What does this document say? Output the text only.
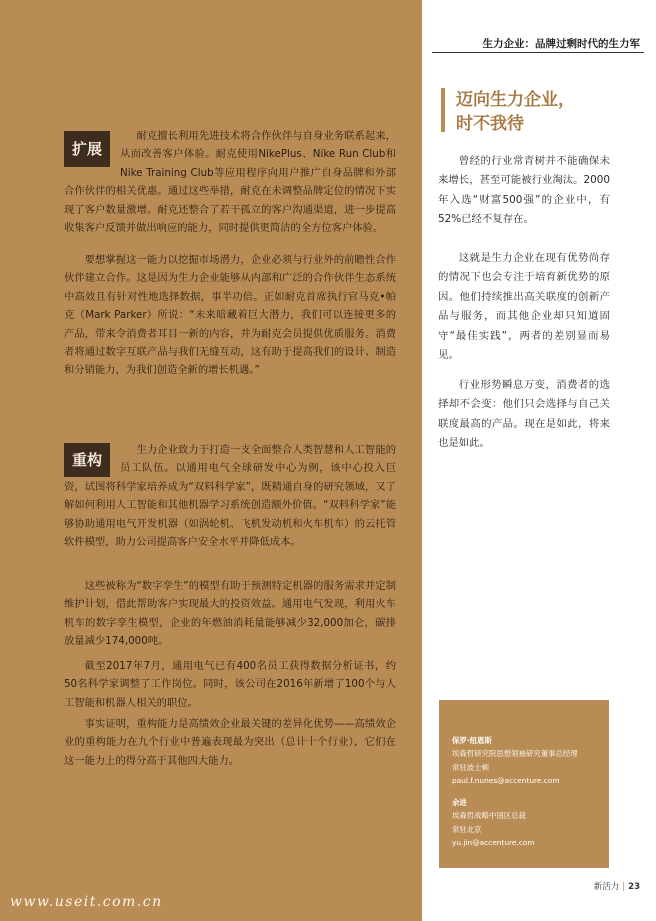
生力企业：品牌过剩时代的生力军
迈向生力企业，
时不我待

曾经的行业常青树并不能确保未来增长，甚至可能被行业淘汰。2000年入选“财富500强”的企业中，有52%已经不复存在。

这就是生力企业在现有优势尚存的情况下也会专注于培育新优势的原因。他们持续推出高关联度的创新产品与服务，而其他企业却只知道固守“最佳实践”，两者的差别显而易见。

行业形势瞬息万变，消费者的选择却不会变：他们只会选择与自己关联度最高的产品。现在是如此，将来也是如此。

保罗·纽恩斯
埃森哲研究院思想领袖研究董事总经理
常驻波士顿
paul.f.nunes@accenture.com
余进
埃森哲战略中国区总裁
常驻北京
yu.jin@accenture.com
新活力 | 23
扩展

耐克擅长利用先进技术将合作伙伴与自身业务联系起来，从而改善客户体验。耐克使用NikePlus、Nike Run Club和Nike Training Club等应用程序向用户推广自身品牌和外部合作伙伴的相关优惠。通过这些举措，耐克在未调整品牌定位的情况下实现了客户数量激增。耐克还整合了若干孤立的客户沟通渠道，进一步提高收集客户反馈并做出响应的能力，同时提供更简洁的全方位客户体验。

要想掌握这一能力以挖掘市场潜力，企业必须与行业外的前瞻性合作伙伴建立合作。这是因为生力企业能够从内部和广泛的合作伙伴生态系统中高效且有针对性地选择数据，事半功倍。正如耐克首席执行官马克•帕克（Mark Parker）所说：“未来暗藏着巨大潜力，我们可以连接更多的产品，带来令消费者耳目一新的内容，并为耐克会员提供优质服务。消费者将通过数字互联产品与我们无缝互动，这有助于提高我们的设计、制造和分销能力，为我们创造全新的增长机遇。”

重构

生力企业致力于打造一支全面整合人类智慧和人工智能的员工队伍。以通用电气全球研发中心为例，该中心投入巨资，试图将科学家培养成为“双料科学家”，既精通自身的研究领域，又了解如何利用人工智能和其他机器学习系统创造额外价值。“双料科学家”能够协助通用电气开发机器（如涡轮机、飞机发动机和火车机车）的云托管软件模型，助力公司提高客户安全水平并降低成本。

这些被称为“数字孪生”的模型有助于预测特定机器的服务需求并定制维护计划，借此帮助客户实现最大的投资效益。通用电气发现，利用火车机车的数字孪生模型，企业的年燃油消耗量能够减少32,000加仑，碳排放量减少174,000吨。

截至2017年7月，通用电气已有400名员工获得数据分析证书，约50名科学家调整了工作岗位。同时，该公司在2016年新增了100个与人工智能和机器人相关的职位。

事实证明，重构能力是高绩效企业最关键的差异化优势——高绩效企业的重构能力在九个行业中普遍表现最为突出（总计十个行业），它们在这一能力上的得分高于其他四大能力。

www.useit.com.cn
